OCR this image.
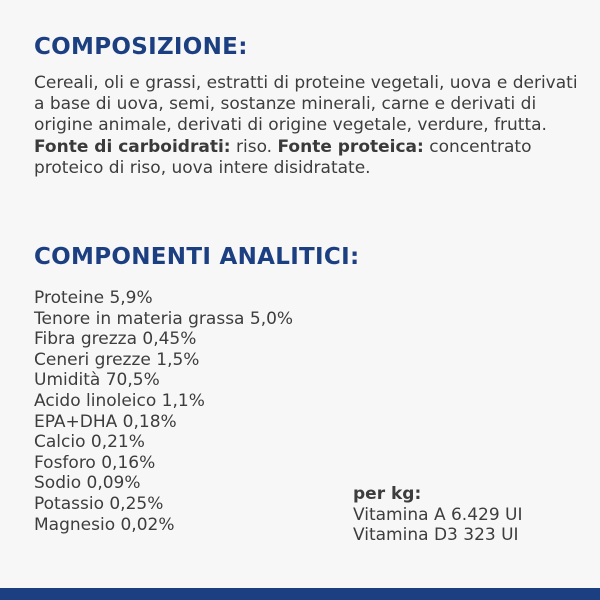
COMPOSIZIONE:
Cereali, oli e grassi, estratti di proteine vegetali, uova e derivati a base di uova, semi, sostanze minerali, carne e derivati di origine animale, derivati di origine vegetale, verdure, frutta. Fonte di carboidrati: riso. Fonte proteica: concentrato proteico di riso, uova intere disidratate.
COMPONENTI ANALITICI:
Proteine 5,9%
Tenore in materia grassa 5,0%
Fibra grezza 0,45%
Ceneri grezze 1,5%
Umidità 70,5%
Acido linoleico 1,1%
EPA+DHA 0,18%
Calcio 0,21%
Fosforo 0,16%
Sodio 0,09%
Potassio 0,25%
Magnesio 0,02%
per kg:
Vitamina A 6.429 UI
Vitamina D3 323 UI
